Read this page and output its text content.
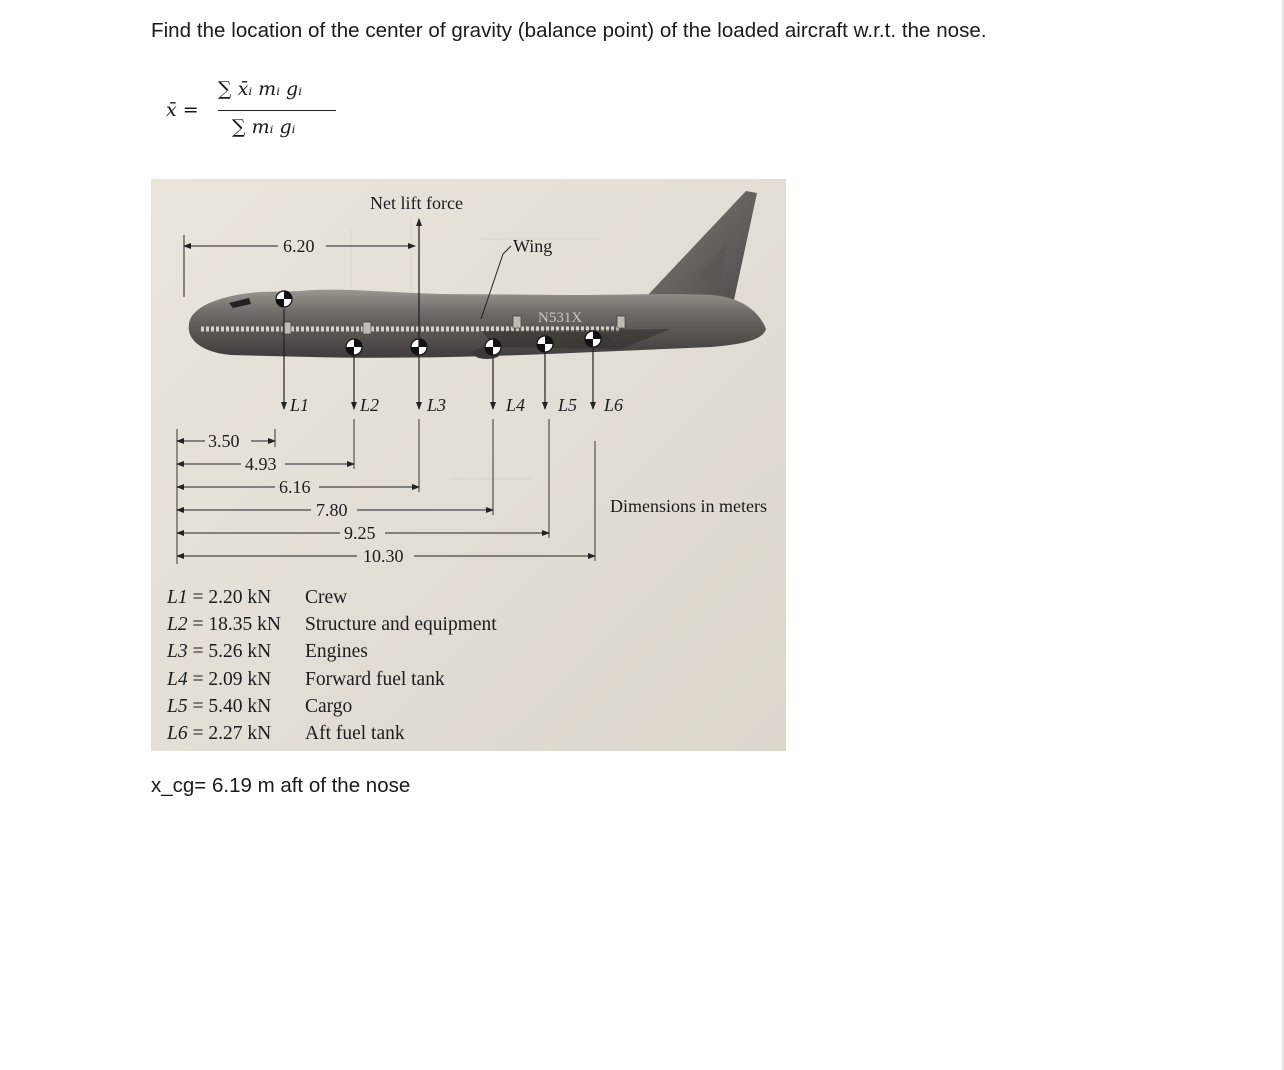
Find the location of the center of gravity (balance point) of the loaded aircraft w.r.t. the nose.
x̄ =
∑ x̄ᵢ mᵢ gᵢ
∑ mᵢ gᵢ
N531X
Net lift force
6.20	Wing
L1	L2	L3	L4 L5 L6
3.50
4.93
6.16
7.80
9.25
10.30
Dimensions in meters
L1 = 2.20 kN Crew
L2 = 18.35 kN Structure and equipment
L3 = 5.26 kN Engines
L4 = 2.09 kN Forward fuel tank
L5 = 5.40 kN Cargo
L6 = 2.27 kN Aft fuel tank
x_cg= 6.19 m aft of the nose
